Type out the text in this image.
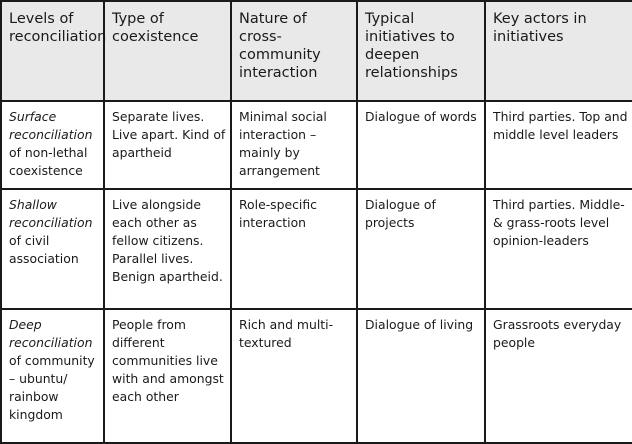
Levels of reconciliation	Type of coexistence	Nature of cross-community interaction	Typical initiatives to deepen relationships	Key actors in initiatives
Surface reconciliation of non-lethal coexistence	Separate lives. Live apart. Kind of apartheid	Minimal social interaction – mainly by arrangement	Dialogue of words	Third parties. Top and middle level leaders
Shallow reconciliation of civil association	Live alongside each other as fellow citizens. Parallel lives. Benign apartheid.	Role-specific interaction	Dialogue of projects	Third parties. Middle- & grass-roots level opinion-leaders
Deep reconciliation of community – ubuntu/ rainbow kingdom	People from different communities live with and amongst each other	Rich and multi-textured	Dialogue of living	Grassroots everyday people
